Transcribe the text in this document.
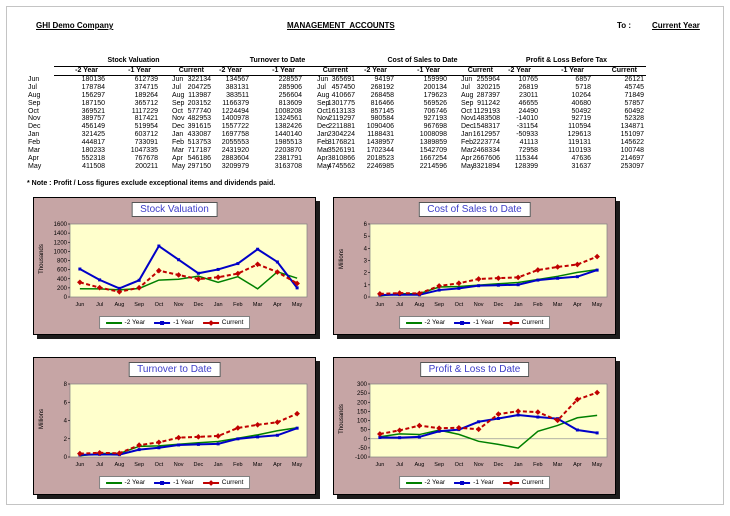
GHI Demo Company	MANAGEMENT  ACCOUNTS	To :	Current Year
Stock Valuation
-2 Year	-1 Year	Current
Jun	180136	612739	322134
Jul	178784	374715	204725
Aug	156297	189264	113987
Sep	187150	365712	203152
Oct	369521	1117229	577740
Nov	389757	817421	482953
Dec	456149	519954	391615
Jan	321425	603712	433087
Feb	444817	733091	513753
Mar	180233	1047335	717187
Apr	552318	767678	546186
May	411508	200211	297150
Turnover to Date
-2 Year	-1 Year	Current
Jun	134567	228557	365691
Jul	383131	285906	457450
Aug	383511	256604	410667
Sep	1166379	813609	1301775
Oct	1224494	1008208	1613133
Nov	1400978	1324561	2119297
Dec	1557722	1382426	2211881
Jan	1697758	1440140	2304224
Feb	2055553	1985513	3176821
Mar	2431920	2203870	3526191
Apr	2883604	2381791	3810866
May	3209979	3163708	4745562
Cost of Sales to Date
-2 Year	-1 Year	Current
Jun	94197	159990	255964
Jul	268192	200134	320215
Aug	268458	179623	287397
Sep	816466	569526	911242
Oct	857145	706746	1129193
Nov	980584	927193	1483508
Dec	1090406	967698	1548317
Jan	1188431	1008098	1612957
Feb	1438957	1389859	2223774
Mar	1702344	1542709	2468334
Apr	2018523	1667254	2667606
May	2246985	2214596	3321894
Profit & Loss Before Tax
-2 Year	-1 Year	Current
Jun	10765	6857	26121
Jul	26819	5718	45745
Aug	23011	10264	71849
Sep	46655	40680	57857
Oct	24490	50492	60492
Nov	-14010	92719	52328
Dec	-31154	110594	134871
Jan	-50933	129613	151097
Feb	41113	119131	145622
Mar	72958	110193	100748
Apr	115344	47636	214697
May	128399	31637	253097
* Note : Profit / Loss figures exclude exceptional items and dividends paid.
0
200
400
600
800
1000
1200
1400
1600
Jun Jul Aug Sep Oct Nov Dec Jan Feb Mar Apr May
Stock Valuation
Thousands
-2 Year	-1 Year	Current
0
1
2
3
4
5
6
Jun Jul Aug Sep Oct Nov Dec Jan Feb Mar Apr May
Cost of Sales to Date
Millions
-2 Year	-1 Year	Current
0
2
4
6
8
Jun Jul Aug Sep Oct Nov Dec Jan Feb Mar Apr May
Turnover to Date
Millions
-2 Year	-1 Year	Current
-100
-50
0
50
100
150
200
250
300
Jun Jul Aug Sep Oct Nov Dec Jan Feb Mar Apr May
Profit & Loss to Date
Thousands
-2 Year	-1 Year	Current
